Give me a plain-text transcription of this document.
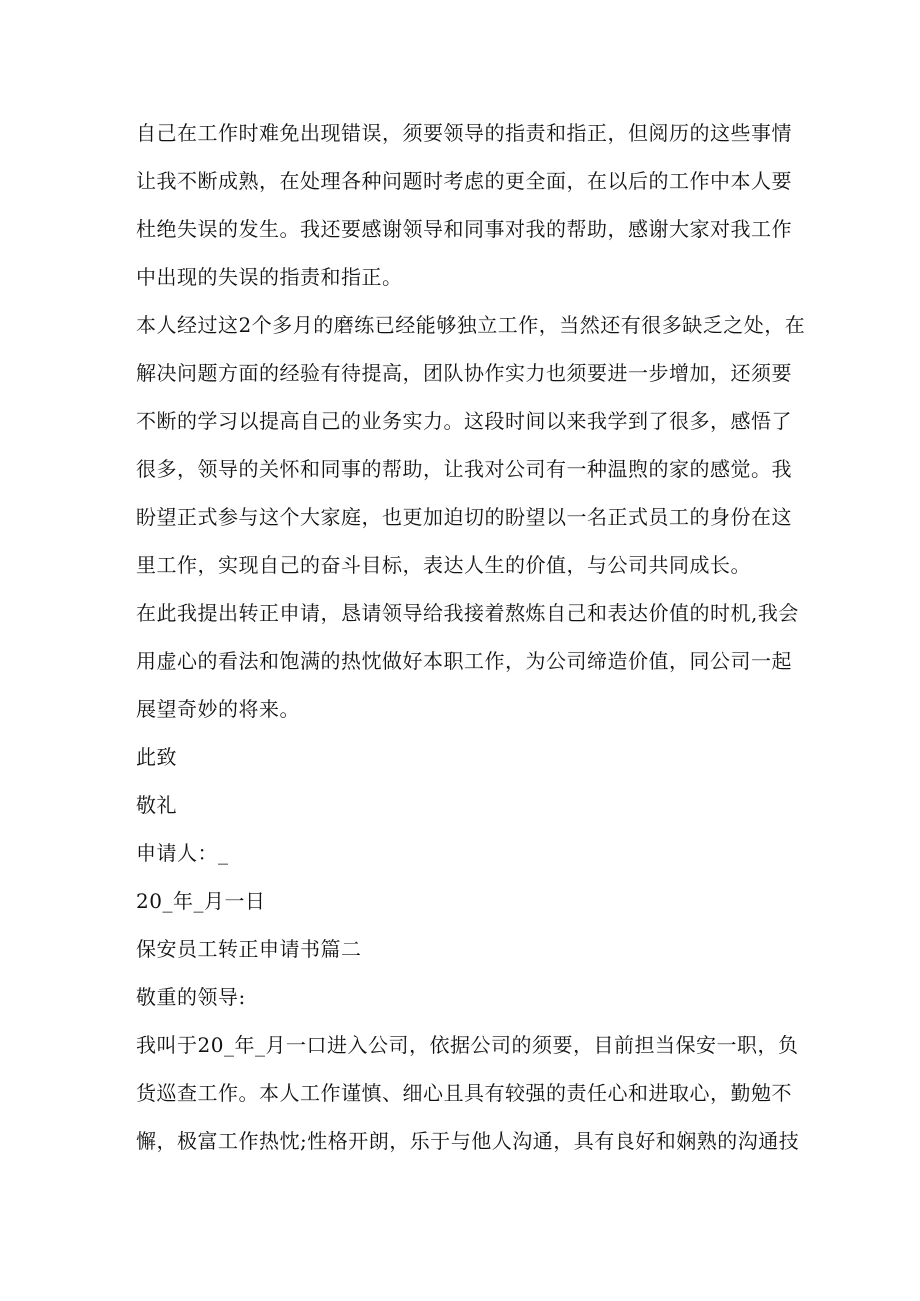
自己在工作时难免出现错误，须要领导的指责和指正，但阅历的这些事情
让我不断成熟，在处理各种问题时考虑的更全面，在以后的工作中本人要
杜绝失误的发生。我还要感谢领导和同事对我的帮助，感谢大家对我工作
中出现的失误的指责和指正。
本人经过这2个多月的磨练已经能够独立工作，当然还有很多缺乏之处，在
解决问题方面的经验有待提高，团队协作实力也须要进一步增加，还须要
不断的学习以提高自己的业务实力。这段时间以来我学到了很多，感悟了
很多，领导的关怀和同事的帮助，让我对公司有一种温煦的家的感觉。我
盼望正式参与这个大家庭，也更加迫切的盼望以一名正式员工的身份在这
里工作，实现自己的奋斗目标，表达人生的价值，与公司共同成长。
在此我提出转正申请，恳请领导给我接着熬炼自己和表达价值的时机,我会
用虚心的看法和饱满的热忱做好本职工作，为公司缔造价值，同公司一起
展望奇妙的将来。
此致
敬礼
申请人：_
20_年_月一日
保安员工转正申请书篇二
敬重的领导:
我叫于20_年_月一口进入公司，依据公司的须要，目前担当保安一职，负
货巡查工作。本人工作谨慎、细心且具有较强的责任心和进取心，勤勉不
懈，极富工作热忱;性格开朗，乐于与他人沟通，具有良好和娴熟的沟通技
